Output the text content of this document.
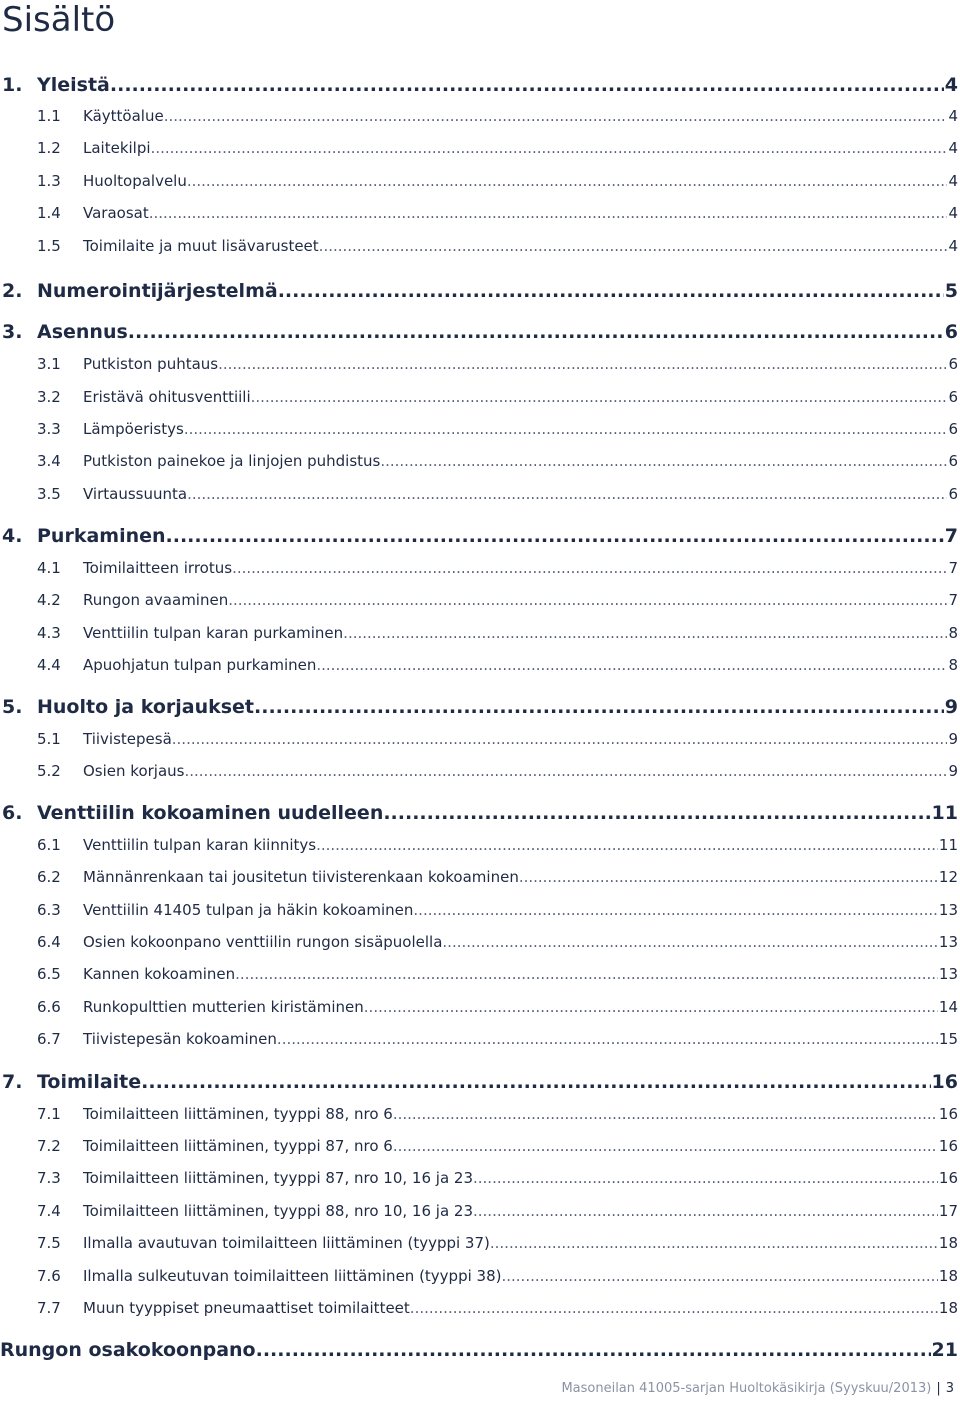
Sisältö
1. Yleistä .....	4
1.1	Käyttöalue .....	4
1.2	Laitekilpi .....	4
1.3	Huoltopalvelu .....	4
1.4	Varaosat .....	4
1.5	Toimilaite ja muut lisävarusteet .....	4
2. Numerointijärjestelmä .....	5
3. Asennus .....	6
3.1	Putkiston puhtaus .....	6
3.2	Eristävä ohitusventtiili .....	6
3.3	Lämpöeristys .....	6
3.4	Putkiston painekoe ja linjojen puhdistus .....	6
3.5	Virtaussuunta .....	6
4. Purkaminen .....	7
4.1	Toimilaitteen irrotus .....	7
4.2	Rungon avaaminen .....	7
4.3	Venttiilin tulpan karan purkaminen .....	8
4.4	Apuohjatun tulpan purkaminen .....	8
5. Huolto ja korjaukset .....	9
5.1	Tiivistepesä .....	9
5.2	Osien korjaus .....	9
6. Venttiilin kokoaminen uudelleen .....	11
6.1	Venttiilin tulpan karan kiinnitys .....	11
6.2	Männänrenkaan tai jousitetun tiivisterenkaan kokoaminen .....	12
6.3	Venttiilin 41405 tulpan ja häkin kokoaminen .....	13
6.4	Osien kokoonpano venttiilin rungon sisäpuolella .....	13
6.5	Kannen kokoaminen .....	13
6.6	Runkopulttien mutterien kiristäminen .....	14
6.7	Tiivistepesän kokoaminen .....	15
7. Toimilaite .....	16
7.1	Toimilaitteen liittäminen, tyyppi 88, nro 6 .....	16
7.2	Toimilaitteen liittäminen, tyyppi 87, nro 6 .....	16
7.3	Toimilaitteen liittäminen, tyyppi 87, nro 10, 16 ja 23 .....	16
7.4	Toimilaitteen liittäminen, tyyppi 88, nro 10, 16 ja 23 .....	17
7.5	Ilmalla avautuvan toimilaitteen liittäminen (tyyppi 37) .....	18
7.6	Ilmalla sulkeutuvan toimilaitteen liittäminen (tyyppi 38) .....	18
7.7	Muun tyyppiset pneumaattiset toimilaitteet .....	18
Rungon osakokoonpano .....	21
Masoneilan 41005-sarjan Huoltokäsikirja (Syyskuu/2013) | 3
